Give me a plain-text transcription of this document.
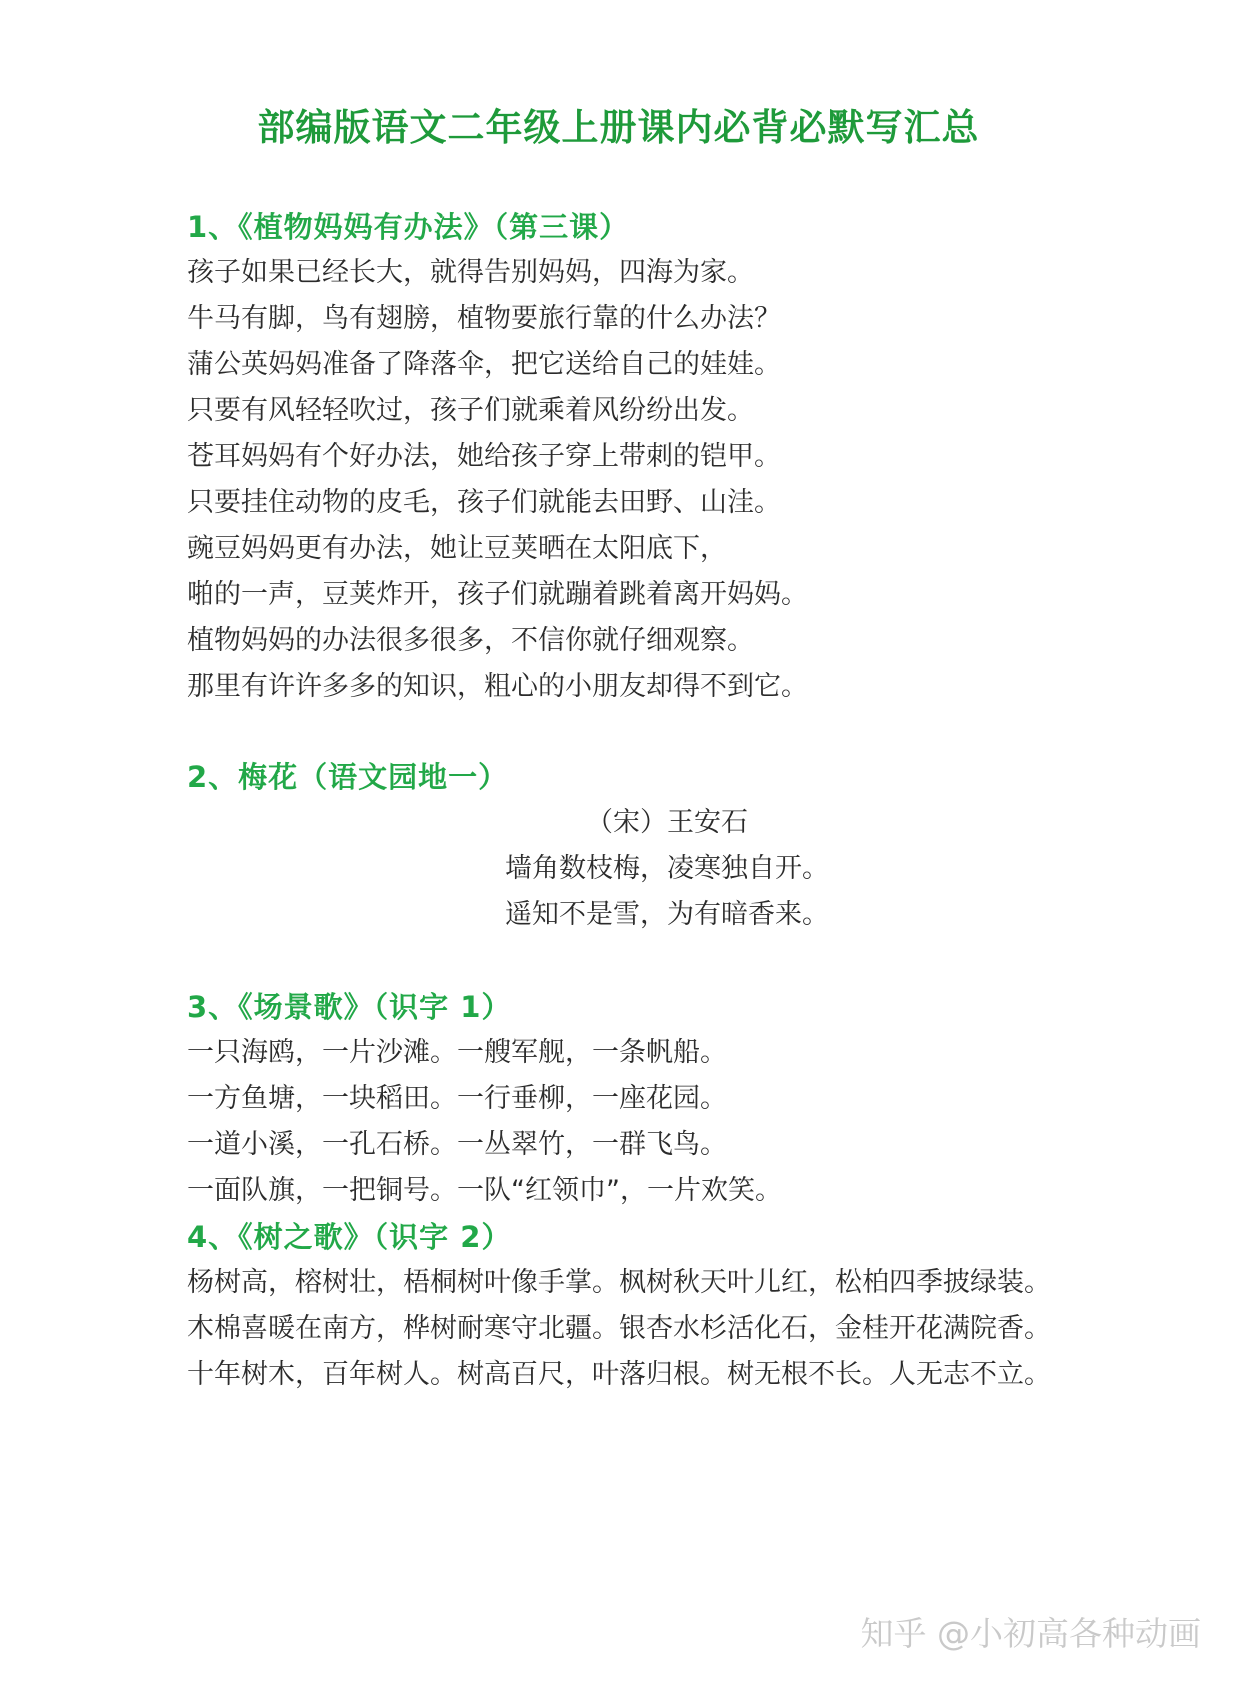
部编版语文二年级上册课内必背必默写汇总
1、《植物妈妈有办法》（第三课）
孩子如果已经长大，就得告别妈妈，四海为家。
牛马有脚，鸟有翅膀，植物要旅行靠的什么办法？
蒲公英妈妈准备了降落伞，把它送给自己的娃娃。
只要有风轻轻吹过，孩子们就乘着风纷纷出发。
苍耳妈妈有个好办法，她给孩子穿上带刺的铠甲。
只要挂住动物的皮毛，孩子们就能去田野、山洼。
豌豆妈妈更有办法，她让豆荚晒在太阳底下，
啪的一声，豆荚炸开，孩子们就蹦着跳着离开妈妈。
植物妈妈的办法很多很多，不信你就仔细观察。
那里有许许多多的知识，粗心的小朋友却得不到它。
2、梅花（语文园地一）
（宋）王安石
墙角数枝梅，凌寒独自开。
遥知不是雪，为有暗香来。
3、《场景歌》（识字 1）
一只海鸥，一片沙滩。一艘军舰，一条帆船。
一方鱼塘，一块稻田。一行垂柳，一座花园。
一道小溪，一孔石桥。一丛翠竹，一群飞鸟。
一面队旗，一把铜号。一队“红领巾”，一片欢笑。
4、《树之歌》（识字 2）
杨树高，榕树壮，梧桐树叶像手掌。枫树秋天叶儿红，松柏四季披绿装。
木棉喜暖在南方，桦树耐寒守北疆。银杏水杉活化石，金桂开花满院香。
十年树木，百年树人。树高百尺，叶落归根。树无根不长。人无志不立。
知乎 @小初高各种动画
